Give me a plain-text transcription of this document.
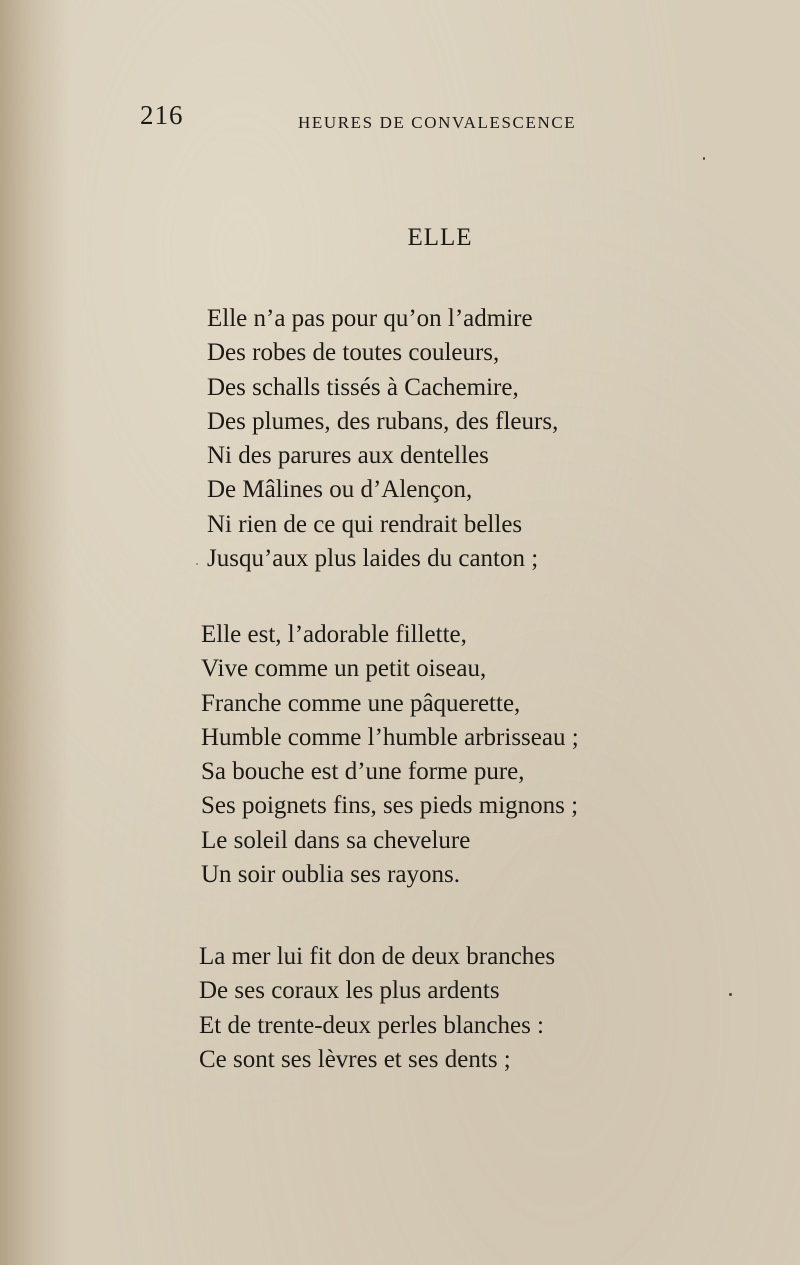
216	HEURES DE CONVALESCENCE
ELLE
Elle n’a pas pour qu’on l’admire
Des robes de toutes couleurs,
Des schalls tissés à Cachemire,
Des plumes, des rubans, des fleurs,
Ni des parures aux dentelles
De Mâlines ou d’Alençon,
Ni rien de ce qui rendrait belles
Jusqu’aux plus laides du canton ;
Elle est, l’adorable fillette,
Vive comme un petit oiseau,
Franche comme une pâquerette,
Humble comme l’humble arbrisseau ;
Sa bouche est d’une forme pure,
Ses poignets fins, ses pieds mignons ;
Le soleil dans sa chevelure
Un soir oublia ses rayons.
La mer lui fit don de deux branches
De ses coraux les plus ardents
Et de trente-deux perles blanches :
Ce sont ses lèvres et ses dents ;
